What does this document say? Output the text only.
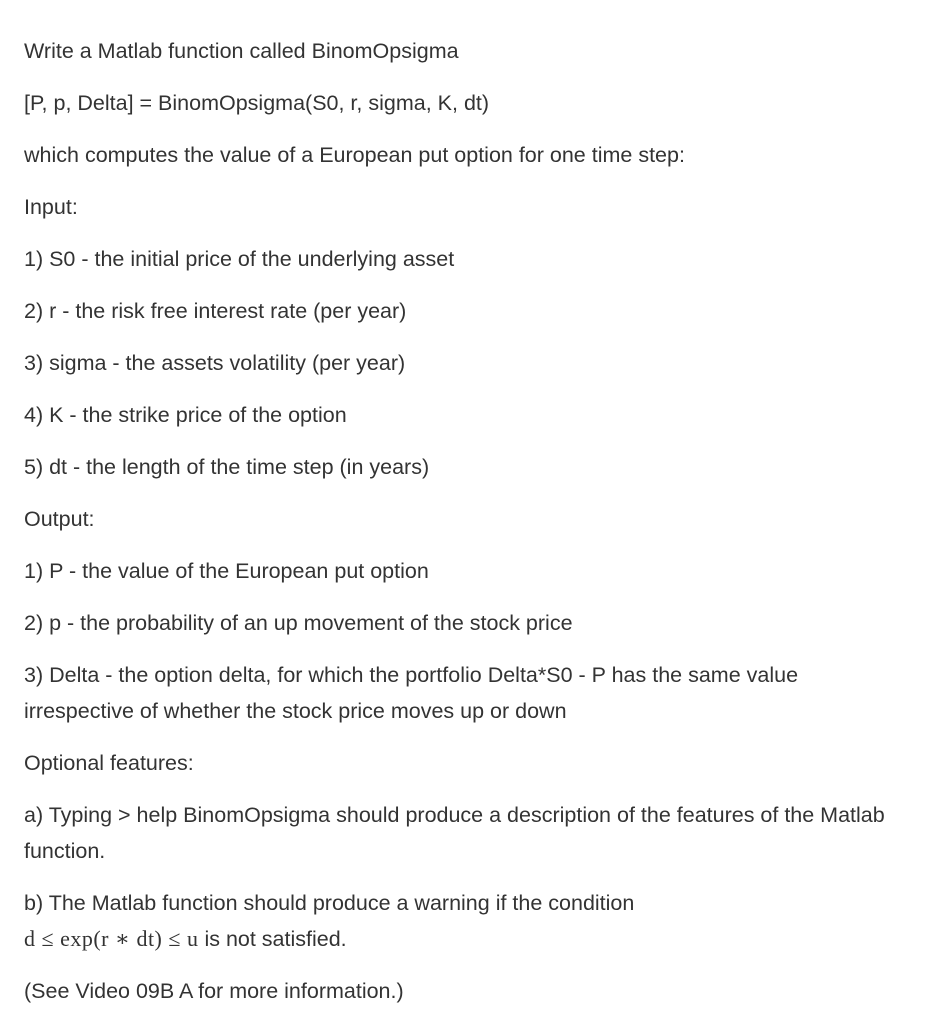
Write a Matlab function called BinomOpsigma

[P, p, Delta] = BinomOpsigma(S0, r, sigma, K, dt)

which computes the value of a European put option for one time step:

Input:

1) S0 - the initial price of the underlying asset

2) r - the risk free interest rate (per year)

3) sigma - the assets volatility (per year)

4) K - the strike price of the option

5) dt - the length of the time step (in years)

Output:

1) P - the value of the European put option

2) p - the probability of an up movement of the stock price

3) Delta - the option delta, for which the portfolio Delta*S0 - P has the same value irrespective of whether the stock price moves up or down

Optional features:

a) Typing > help BinomOpsigma should produce a description of the features of the Matlab function.

b) The Matlab function should produce a warning if the condition
d ≤ exp(r ∗ dt) ≤ u is not satisfied.

(See Video 09B A for more information.)
